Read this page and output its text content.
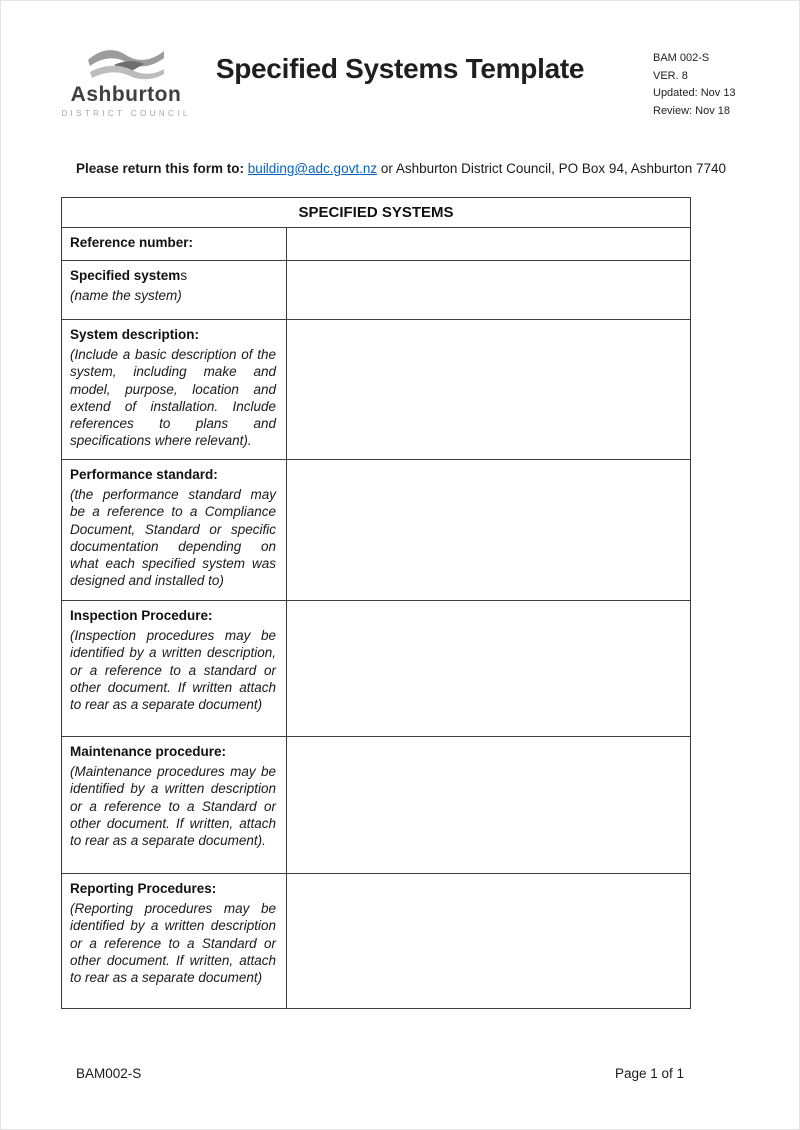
Ashburton
DISTRICT COUNCIL
Specified Systems Template	BAM 002-S
VER. 8
Updated: Nov 13
Review: Nov 18

Please return this form to: building@adc.govt.nz or Ashburton District Council, PO Box 94, Ashburton 7740

SPECIFIED SYSTEMS
Reference number:
Specified systems
(name the system)
System description:
(Include a basic description of the system, including make and model, purpose, location and extend of installation. Include references to plans and specifications where relevant).
Performance standard:
(the performance standard may be a reference to a Compliance Document, Standard or specific documentation depending on what each specified system was designed and installed to)
Inspection Procedure:
(Inspection procedures may be identified by a written description, or a reference to a standard or other document. If written attach to rear as a separate document)
Maintenance procedure:
(Maintenance procedures may be identified by a written description or a reference to a Standard or other document. If written, attach to rear as a separate document).
Reporting Procedures:
(Reporting procedures may be identified by a written description or a reference to a Standard or other document. If written, attach to rear as a separate document)
BAM002-S	Page 1 of 1
